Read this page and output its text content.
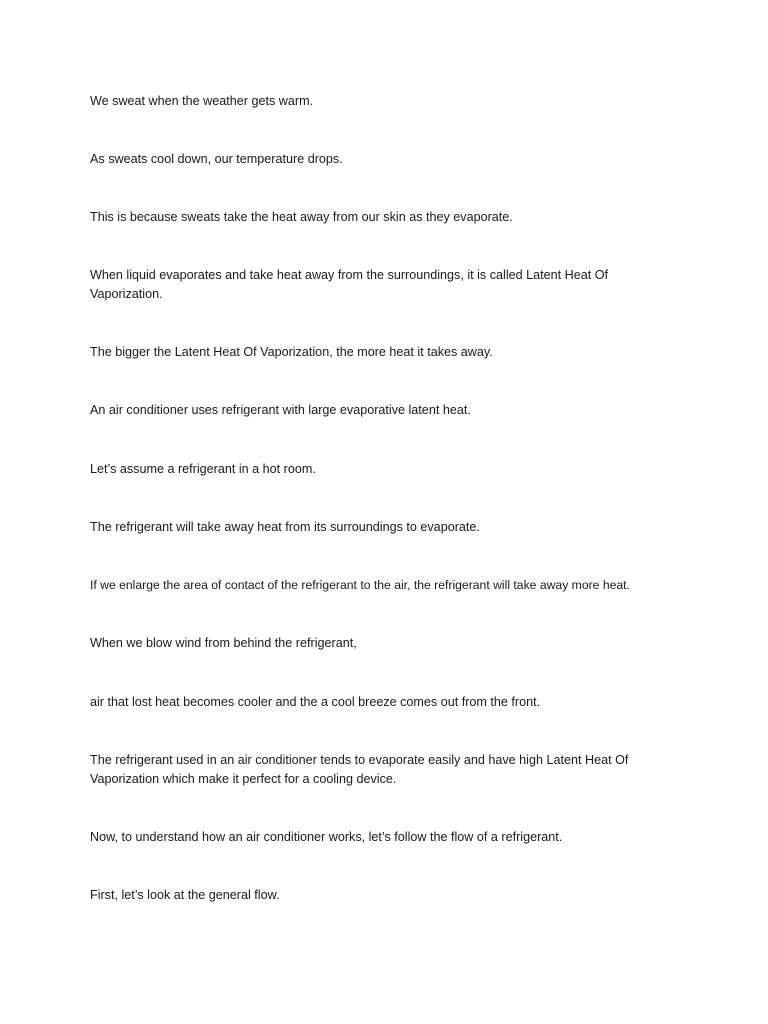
We sweat when the weather gets warm.

As sweats cool down, our temperature drops.

This is because sweats take the heat away from our skin as they evaporate.

When liquid evaporates and take heat away from the surroundings, it is called Latent Heat Of Vaporization.

The bigger the Latent Heat Of Vaporization, the more heat it takes away.

An air conditioner uses refrigerant with large evaporative latent heat.

Let’s assume a refrigerant in a hot room.

The refrigerant will take away heat from its surroundings to evaporate.

If we enlarge the area of contact of the refrigerant to the air, the refrigerant will take away more heat.

When we blow wind from behind the refrigerant,

air that lost heat becomes cooler and the a cool breeze comes out from the front.

The refrigerant used in an air conditioner tends to evaporate easily and have high Latent Heat Of Vaporization which make it perfect for a cooling device.

Now, to understand how an air conditioner works, let’s follow the flow of a refrigerant.

First, let’s look at the general flow.
